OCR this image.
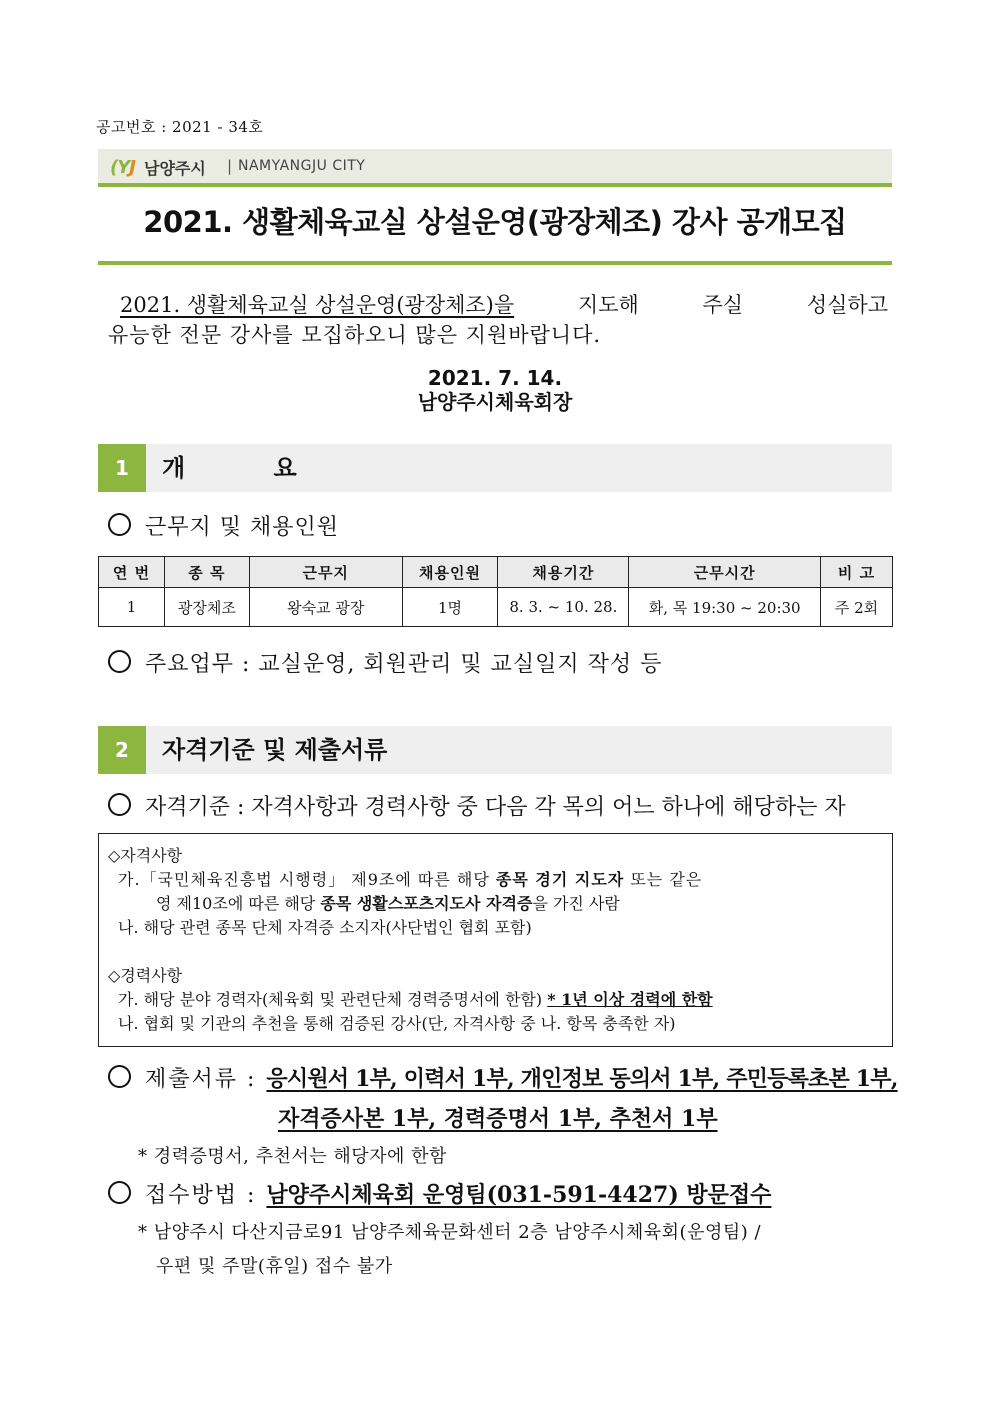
공고번호 : 2021 - 34호
(YJ 남양주시 | NAMYANGJU CITY
2021. 생활체육교실 상설운영(광장체조) 강사 공개모집
2021. 생활체육교실 상설운영(광장체조)을	지도해	주실	성실하고
유능한 전문 강사를 모집하오니 많은 지원바랍니다.
2021. 7. 14.
남양주시체육회장
1	개 요
근무지 및 채용인원
연 번	종 목	근무지	채용인원	채용기간	근무시간	비 고
1	광장체조	왕숙교 광장	1명	8. 3. ~ 10. 28.	화, 목 19:30 ~ 20:30	주 2회
주요업무 : 교실운영, 회원관리 및 교실일지 작성 등
2	자격기준 및 제출서류
자격기준 : 자격사항과 경력사항 중 다음 각 목의 어느 하나에 해당하는 자
◇자격사항
가.「국민체육진흥법 시행령」 제9조에 따른 해당 종목 경기 지도자 또는 같은
영 제10조에 따른 해당 종목 생활스포츠지도사 자격증을 가진 사람
나. 해당 관련 종목 단체 자격증 소지자(사단법인 협회 포함)
◇경력사항
가. 해당 분야 경력자(체육회 및 관련단체 경력증명서에 한함) * 1년 이상 경력에 한함
나. 협회 및 기관의 추천을 통해 검증된 강사(단, 자격사항 중 나. 항목 충족한 자)
제출서류 : 응시원서 1부, 이력서 1부, 개인정보 동의서 1부, 주민등록초본 1부,
자격증사본 1부, 경력증명서 1부, 추천서 1부
* 경력증명서, 추천서는 해당자에 한함
접수방법 : 남양주시체육회 운영팀(031-591-4427) 방문접수
* 남양주시 다산지금로91 남양주체육문화센터 2층 남양주시체육회(운영팀) /
우편 및 주말(휴일) 접수 불가
